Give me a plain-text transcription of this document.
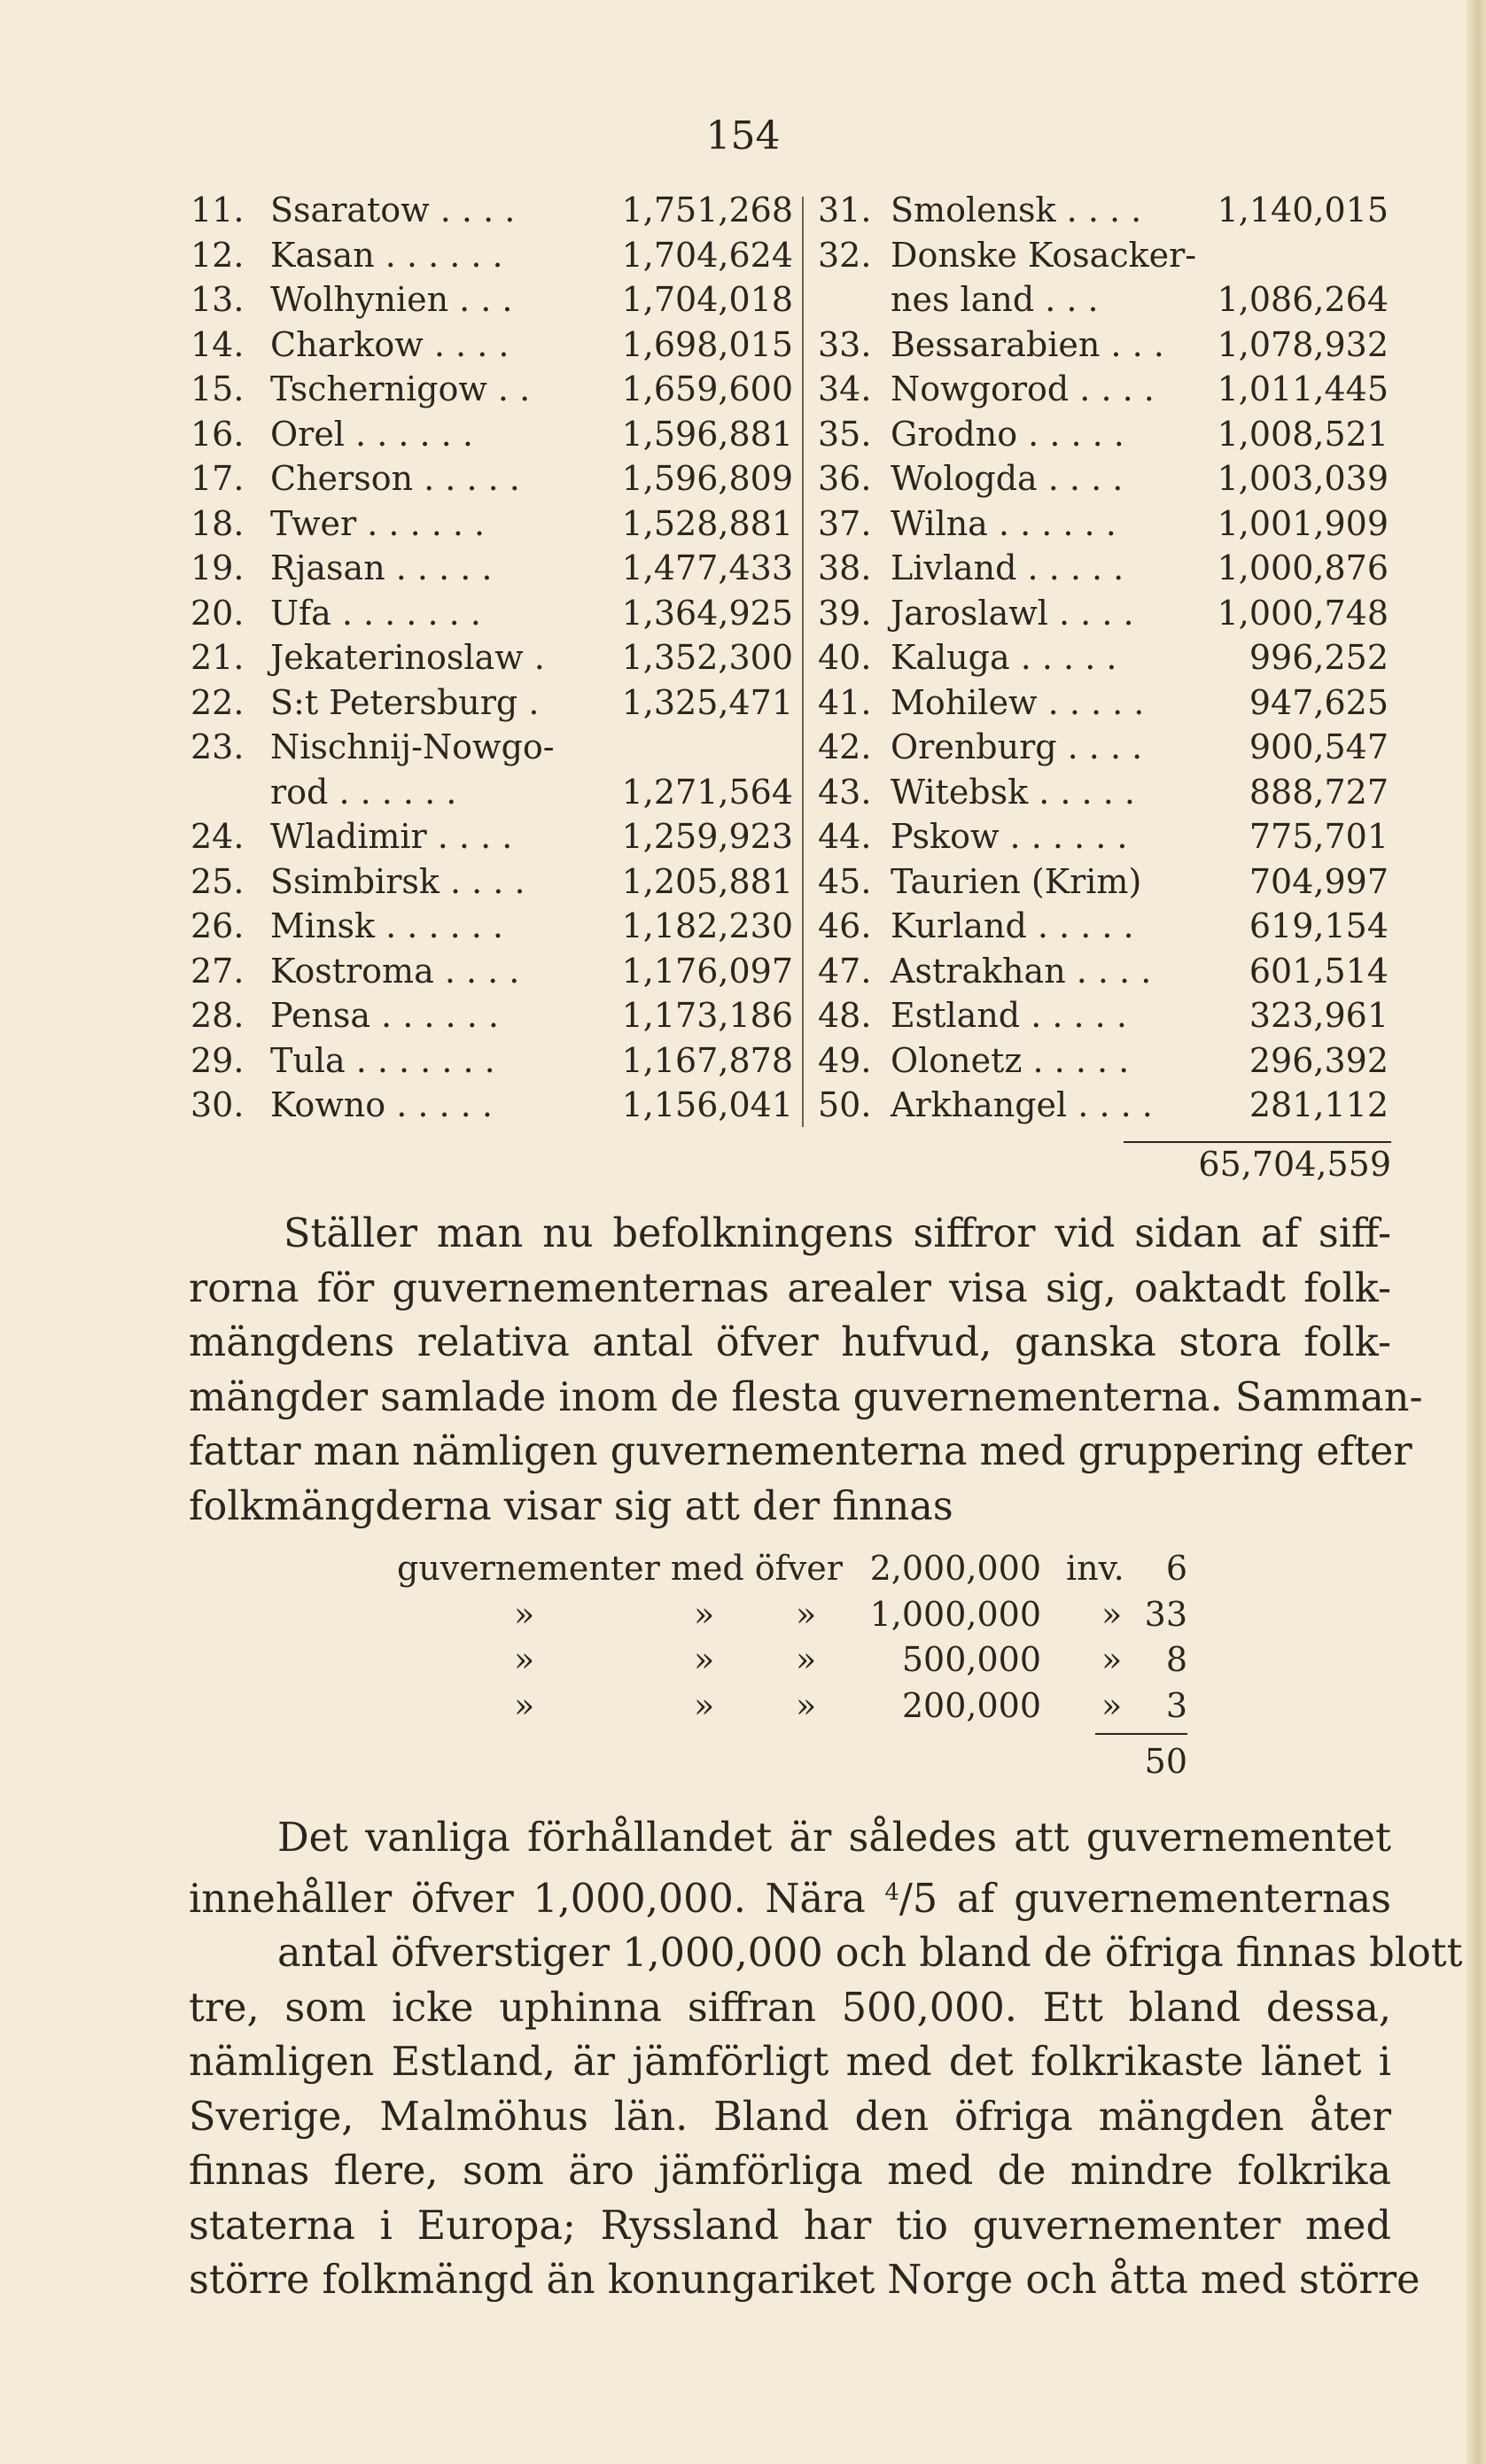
154
11. Ssaratow . . . .	1,751,268
12. Kasan . . . . . .	1,704,624
13. Wolhynien . . .	1,704,018
14. Charkow . . . .	1,698,015
15. Tschernigow . .	1,659,600
16. Orel . . . . . .	1,596,881
17. Cherson . . . . .	1,596,809
18. Twer . . . . . .	1,528,881
19. Rjasan . . . . .	1,477,433
20. Ufa . . . . . . .	1,364,925
21. Jekaterinoslaw . 1,352,300
22. S:t Petersburg . 1,325,471
23. Nischnij-Nowgo-
rod . . . . . .	1,271,564
24. Wladimir . . . .	1,259,923
25. Ssimbirsk . . . .	1,205,881
26. Minsk . . . . . .	1,182,230
27. Kostroma . . . .	1,176,097
28. Pensa . . . . . .	1,173,186
29. Tula . . . . . . .	1,167,878
30. Kowno . . . . .	1,156,041
31. Smolensk . . . . 1,140,015
32. Donske Kosacker-
nes land . . .	1,086,264
33. Bessarabien . . . 1,078,932
34. Nowgorod . . . . 1,011,445
35. Grodno . . . . .	1,008,521
36. Wologda . . . .	1,003,039
37. Wilna . . . . . .	1,001,909
38. Livland . . . . .	1,000,876
39. Jaroslawl . . . . 1,000,748
40. Kaluga . . . . .	996,252
41. Mohilew . . . . .	947,625
42. Orenburg . . . .	900,547
43. Witebsk . . . . .	888,727
44. Pskow . . . . . .	775,701
45. Taurien (Krim)	704,997
46. Kurland . . . . .	619,154
47. Astrakhan . . . .	601,514
48. Estland . . . . .	323,961
49. Olonetz . . . . .	296,392
50. Arkhangel . . . .	281,112
65,704,559

Ställer man nu befolkningens siffror vid sidan af siff-
rorna för guvernementernas arealer visa sig, oaktadt folk-
mängdens relativa antal öfver hufvud, ganska stora folk-
mängder samlade inom de flesta guvernementerna. Samman-
fattar man nämligen guvernementerna med gruppering efter
folkmängderna visar sig att der finnas

guvernementer med öfver 2,000,000 inv. 6
»	» » 1,000,000 » 33
»	» »	500,000 » 8
»	» »	200,000 » 3
50

Det vanliga förhållandet är således att guvernementet
innehåller öfver 1,000,000. Nära $^4$/5 af guvernementernas
antal öfverstiger 1,000,000 och bland de öfriga finnas blott
tre, som icke uphinna siffran 500,000. Ett bland dessa,
nämligen Estland, är jämförligt med det folkrikaste länet i
Sverige, Malmöhus län. Bland den öfriga mängden åter
finnas flere, som äro jämförliga med de mindre folkrika
staterna i Europa; Ryssland har tio guvernementer med
större folkmängd än konungariket Norge och åtta med större
